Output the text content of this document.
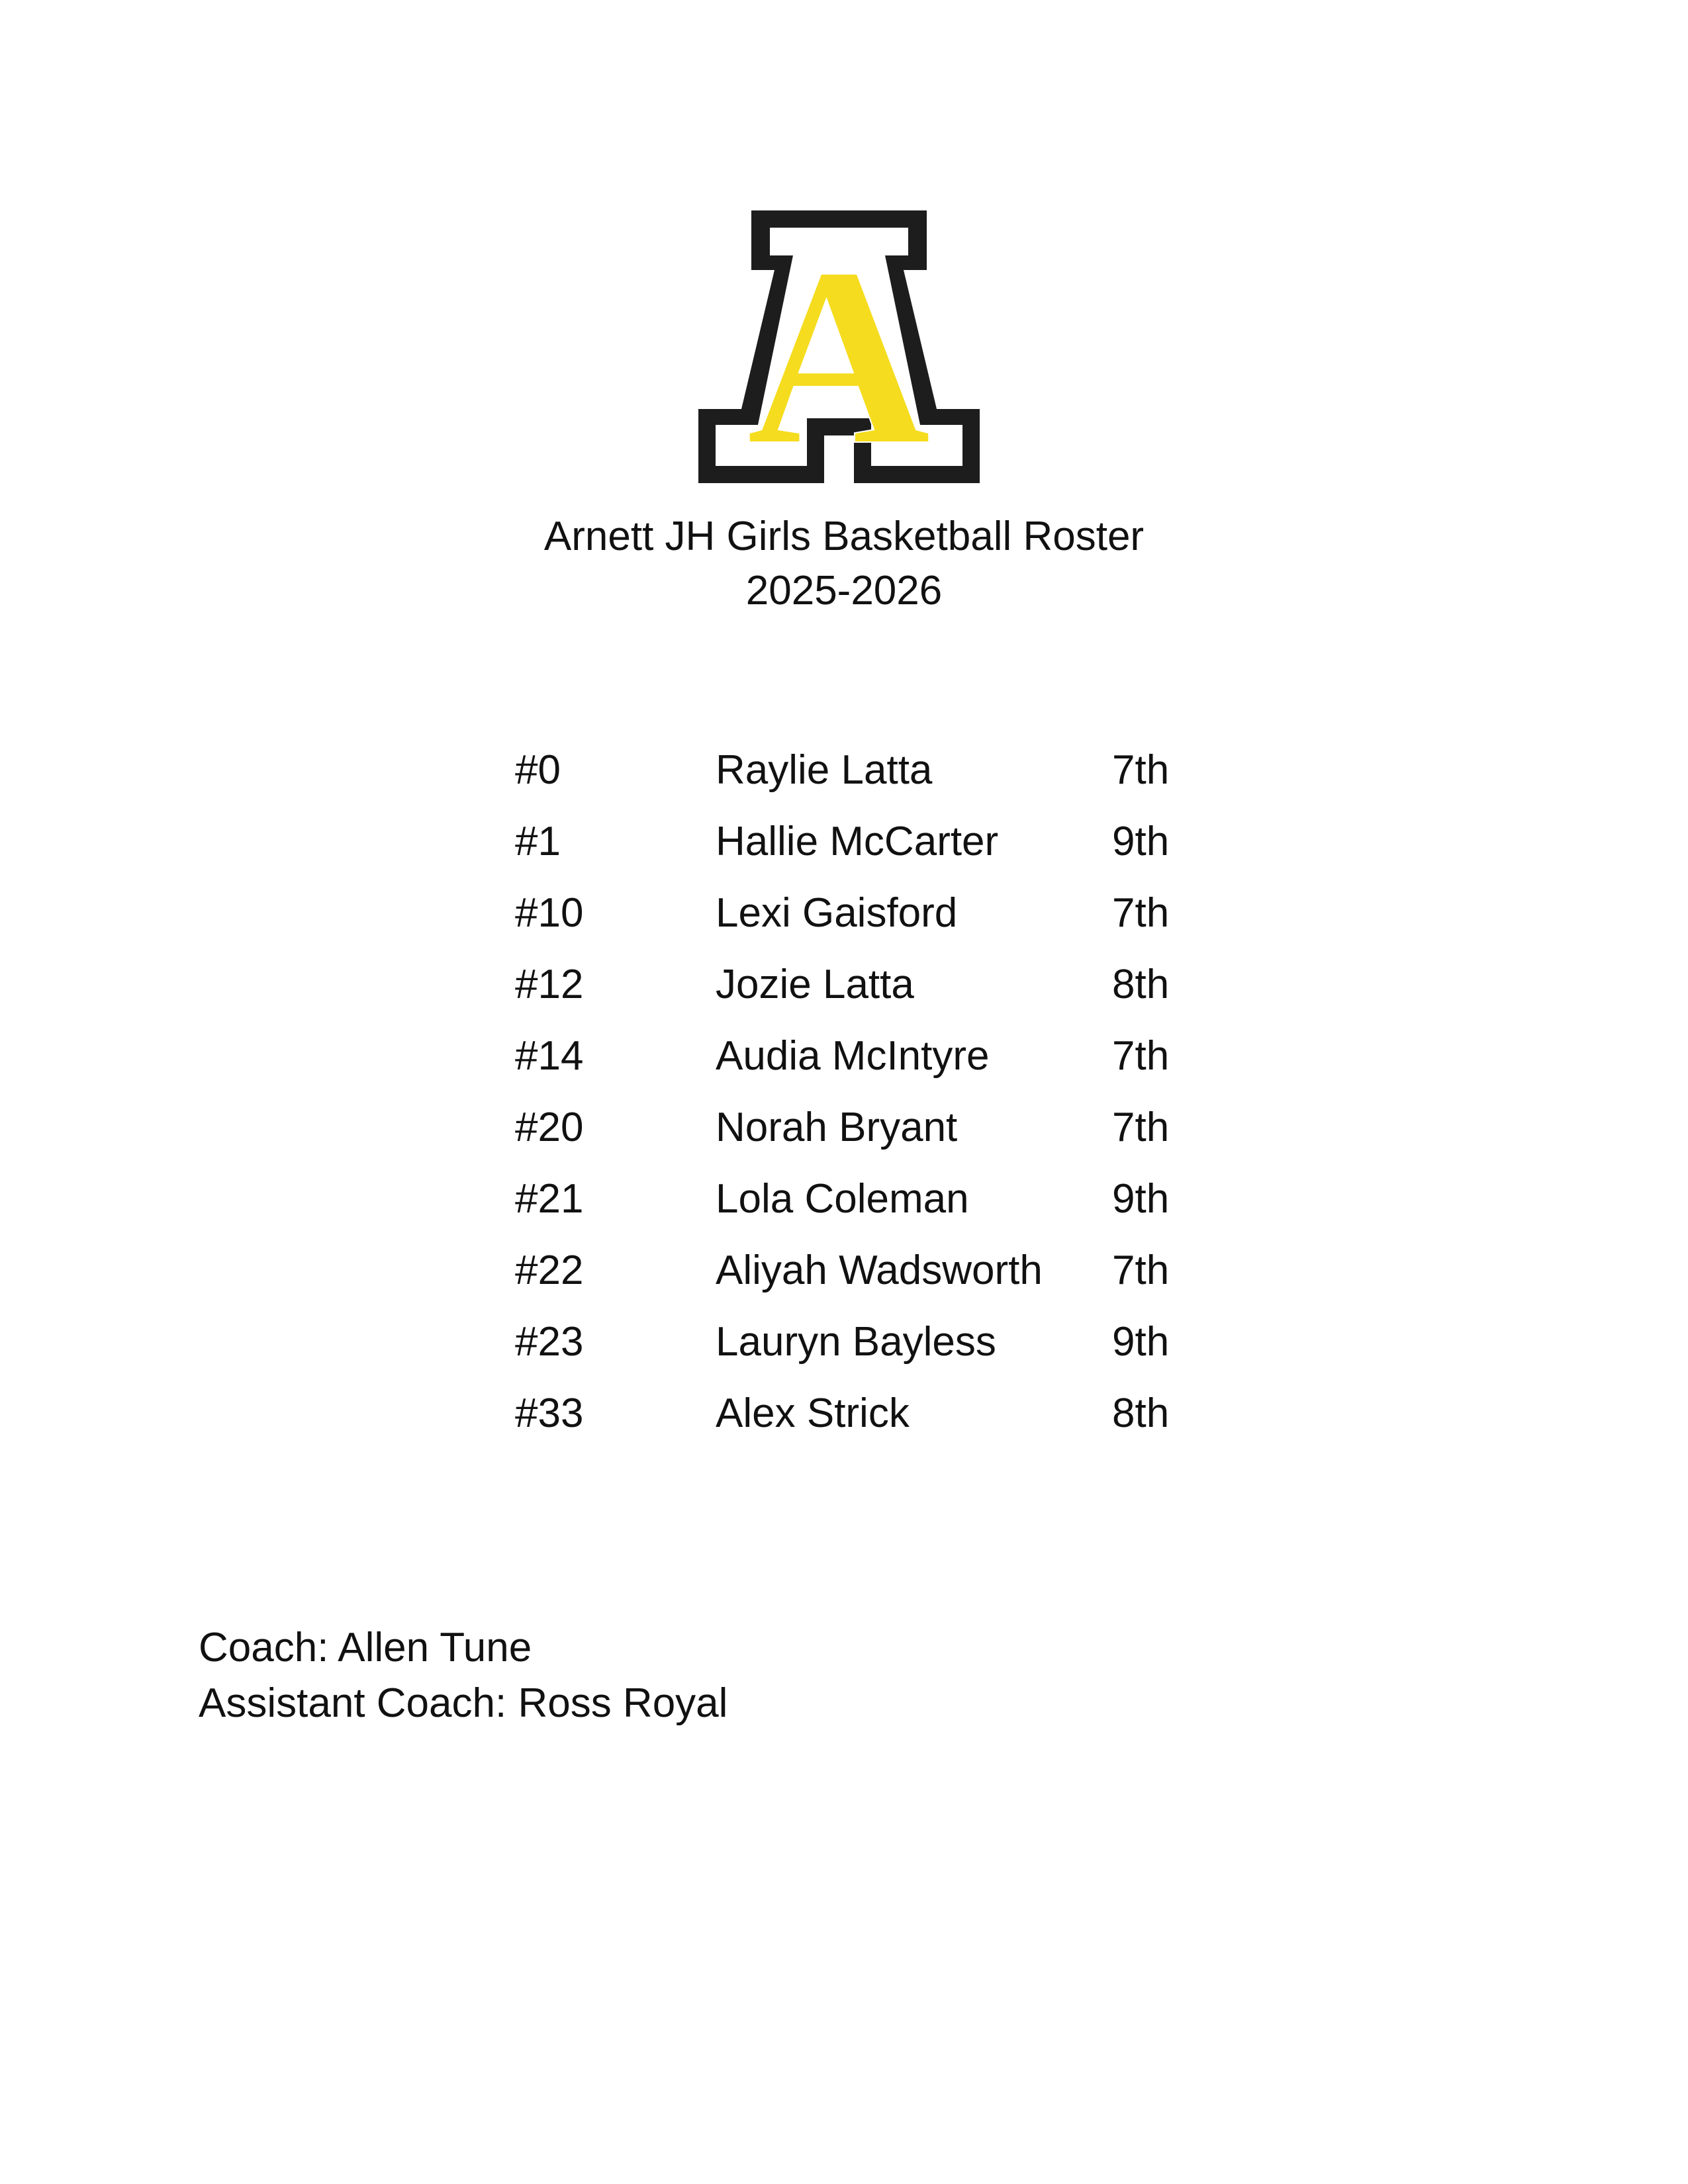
A
Arnett JH Girls Basketball Roster
2025-2026
#0	Raylie Latta	7th
#1	Hallie McCarter	9th
#10	Lexi Gaisford	7th
#12	Jozie Latta	8th
#14	Audia McIntyre	7th
#20	Norah Bryant	7th
#21	Lola Coleman	9th
#22	Aliyah Wadsworth 7th
#23	Lauryn Bayless	9th
#33	Alex Strick	8th
Coach: Allen Tune
Assistant Coach: Ross Royal
